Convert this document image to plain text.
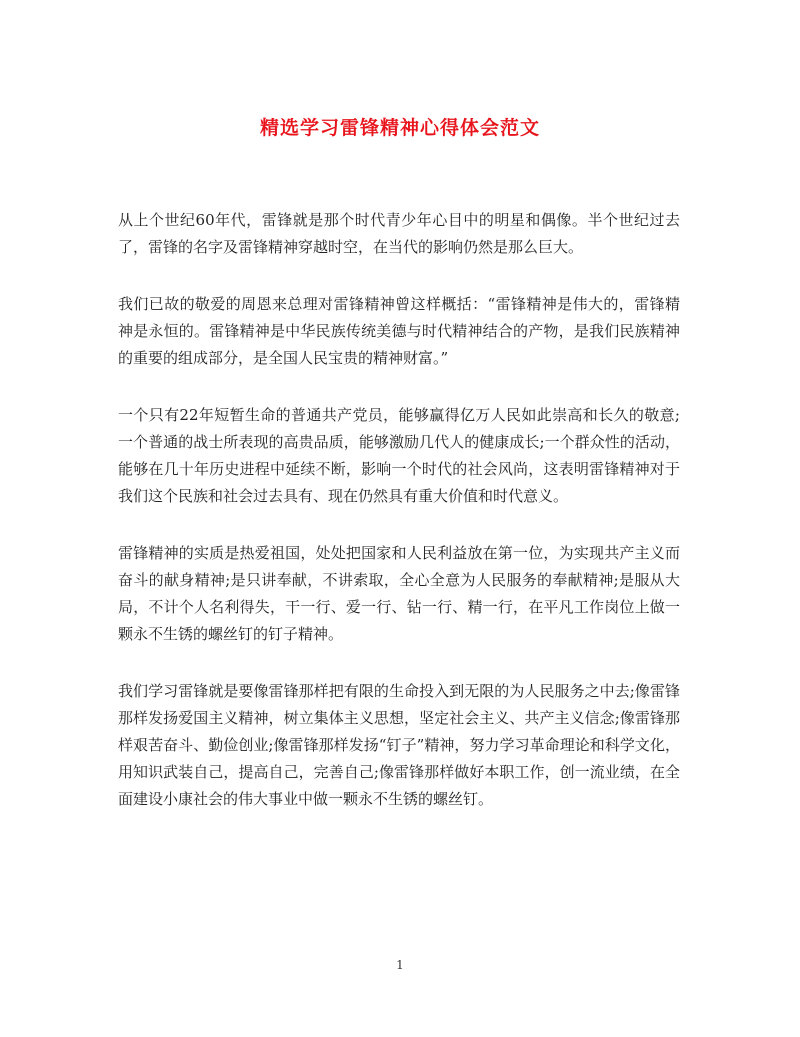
精选学习雷锋精神心得体会范文

从上个世纪60年代，雷锋就是那个时代青少年心目中的明星和偶像。半个世纪过去了，雷锋的名字及雷锋精神穿越时空，在当代的影响仍然是那么巨大。

我们已故的敬爱的周恩来总理对雷锋精神曾这样概括：“雷锋精神是伟大的，雷锋精神是永恒的。雷锋精神是中华民族传统美德与时代精神结合的产物，是我们民族精神的重要的组成部分，是全国人民宝贵的精神财富。”

一个只有22年短暂生命的普通共产党员，能够赢得亿万人民如此崇高和长久的敬意;一个普通的战士所表现的高贵品质，能够激励几代人的健康成长;一个群众性的活动，能够在几十年历史进程中延续不断，影响一个时代的社会风尚，这表明雷锋精神对于我们这个民族和社会过去具有、现在仍然具有重大价值和时代意义。

雷锋精神的实质是热爱祖国，处处把国家和人民利益放在第一位，为实现共产主义而奋斗的献身精神;是只讲奉献，不讲索取，全心全意为人民服务的奉献精神;是服从大局，不计个人名利得失，干一行、爱一行、钻一行、精一行，在平凡工作岗位上做一颗永不生锈的螺丝钉的钉子精神。

我们学习雷锋就是要像雷锋那样把有限的生命投入到无限的为人民服务之中去;像雷锋那样发扬爱国主义精神，树立集体主义思想，坚定社会主义、共产主义信念;像雷锋那样艰苦奋斗、勤俭创业;像雷锋那样发扬“钉子”精神，努力学习革命理论和科学文化，用知识武装自己，提高自己，完善自己;像雷锋那样做好本职工作，创一流业绩，在全面建设小康社会的伟大事业中做一颗永不生锈的螺丝钉。

1
